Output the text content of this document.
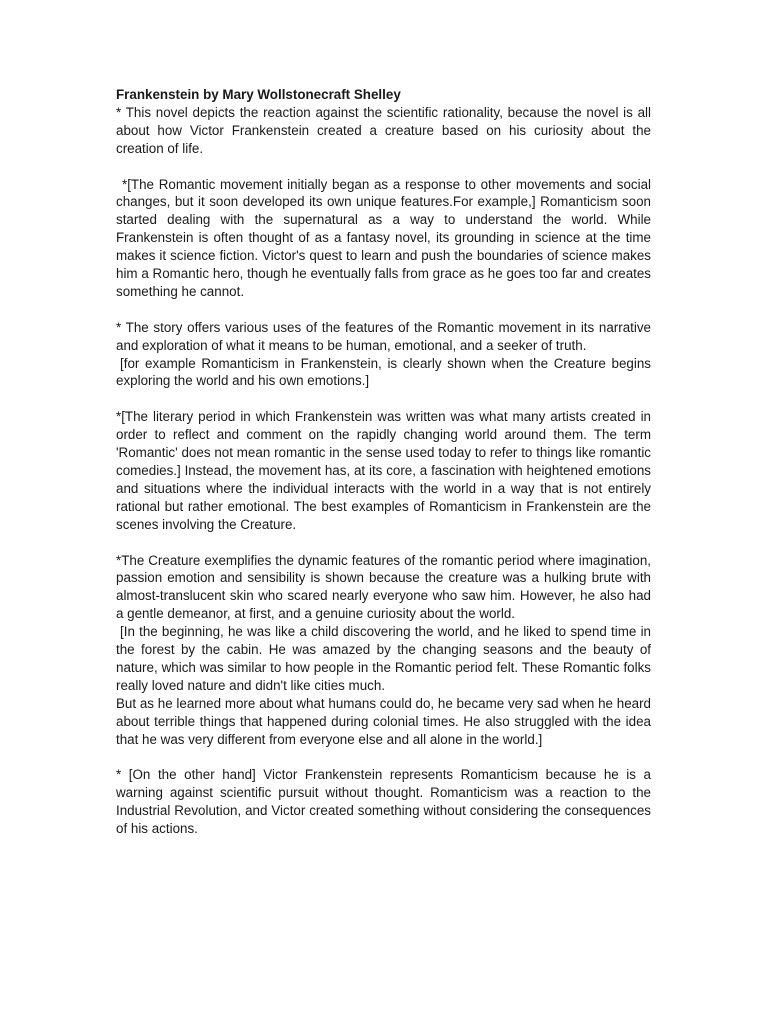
Frankenstein by Mary Wollstonecraft Shelley

* This novel depicts the reaction against the scientific rationality, because the novel is all about how Victor Frankenstein created a creature based on his curiosity about the creation of life.

*[The Romantic movement initially began as a response to other movements and social changes, but it soon developed its own unique features.For example,] Romanticism soon started dealing with the supernatural as a way to understand the world. While Frankenstein is often thought of as a fantasy novel, its grounding in science at the time makes it science fiction. Victor's quest to learn and push the boundaries of science makes him a Romantic hero, though he eventually falls from grace as he goes too far and creates something he cannot.

* The story offers various uses of the features of the Romantic movement in its narrative and exploration of what it means to be human, emotional, and a seeker of truth.

[for example Romanticism in Frankenstein, is clearly shown when the Creature begins exploring the world and his own emotions.]

*[The literary period in which Frankenstein was written was what many artists created in order to reflect and comment on the rapidly changing world around them. The term 'Romantic' does not mean romantic in the sense used today to refer to things like romantic comedies.] Instead, the movement has, at its core, a fascination with heightened emotions and situations where the individual interacts with the world in a way that is not entirely rational but rather emotional. The best examples of Romanticism in Frankenstein are the scenes involving the Creature.

*The Creature exemplifies the dynamic features of the romantic period where imagination, passion emotion and sensibility is shown because the creature was a hulking brute with almost-translucent skin who scared nearly everyone who saw him. However, he also had a gentle demeanor, at first, and a genuine curiosity about the world.

[In the beginning, he was like a child discovering the world, and he liked to spend time in the forest by the cabin. He was amazed by the changing seasons and the beauty of nature, which was similar to how people in the Romantic period felt. These Romantic folks really loved nature and didn't like cities much.

But as he learned more about what humans could do, he became very sad when he heard about terrible things that happened during colonial times. He also struggled with the idea that he was very different from everyone else and all alone in the world.]

* [On the other hand] Victor Frankenstein represents Romanticism because he is a warning against scientific pursuit without thought. Romanticism was a reaction to the Industrial Revolution, and Victor created something without considering the consequences of his actions.
